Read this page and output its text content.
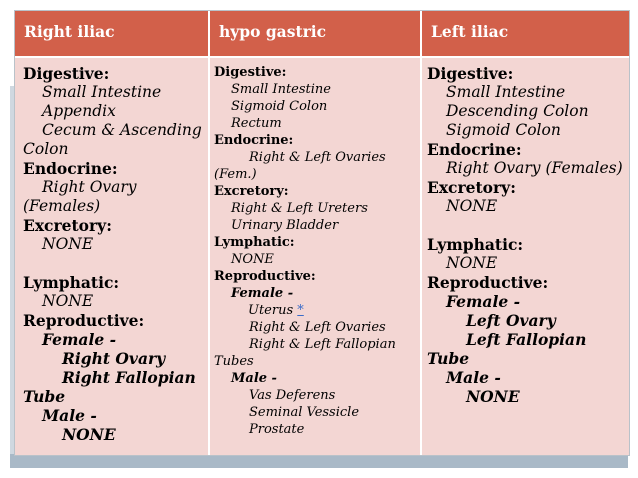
Right iliac	hypo gastric	Left iliac
Digestive:
Small Intestine
Appendix
Cecum & Ascending
Colon
Endocrine:
Right Ovary
(Females)
Excretory:
NONE
Lymphatic:
NONE
Reproductive:
Female -
Right Ovary
Right Fallopian
Tube
Male -
NONE
Digestive:
Small Intestine
Sigmoid Colon
Rectum
Endocrine:
Right & Left Ovaries
(Fem.)
Excretory:
Right & Left Ureters
Urinary Bladder
Lymphatic:
NONE
Reproductive:
Female -
Uterus *
Right & Left Ovaries
Right & Left Fallopian
Tubes
Male -
Vas Deferens
Seminal Vessicle
Prostate
Digestive:
Small Intestine
Descending Colon
Sigmoid Colon
Endocrine:
Right Ovary (Females)
Excretory:
NONE
Lymphatic:
NONE
Reproductive:
Female -
Left Ovary
Left Fallopian
Tube
Male -
NONE
